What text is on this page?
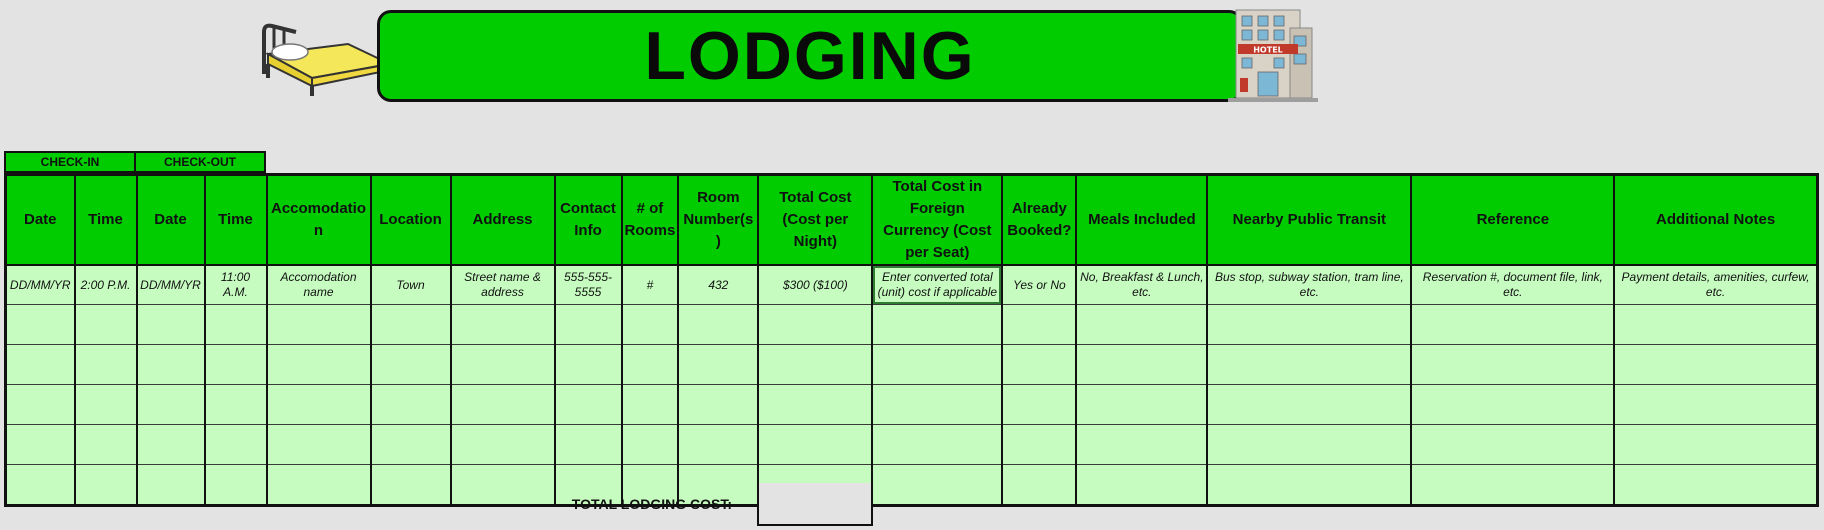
LODGING	HOTEL
CHECK-IN	CHECK-OUT
Date	Time	Date	Time	Accomodatio n	Location	Address	Contact Info	# of Rooms	Room Number(s )	Total Cost (Cost per Night)	Total Cost in Foreign Currency (Cost per Seat)	Already Booked?	Meals Included	Nearby Public Transit	Reference	Additional Notes
DD/MM/YR	2:00 P.M.	DD/MM/YR	11:00 A.M.	Accomodation name	Town	Street name & address	555-555-5555	#	432	$300 ($100)	Enter converted total (unit) cost if applicable	Yes or No	No, Breakfast & Lunch, etc.	Bus stop, subway station, tram line, etc.	Reservation #, document file, link, etc.	Payment details, amenities, curfew, etc.

TOTAL LODGING COST:
